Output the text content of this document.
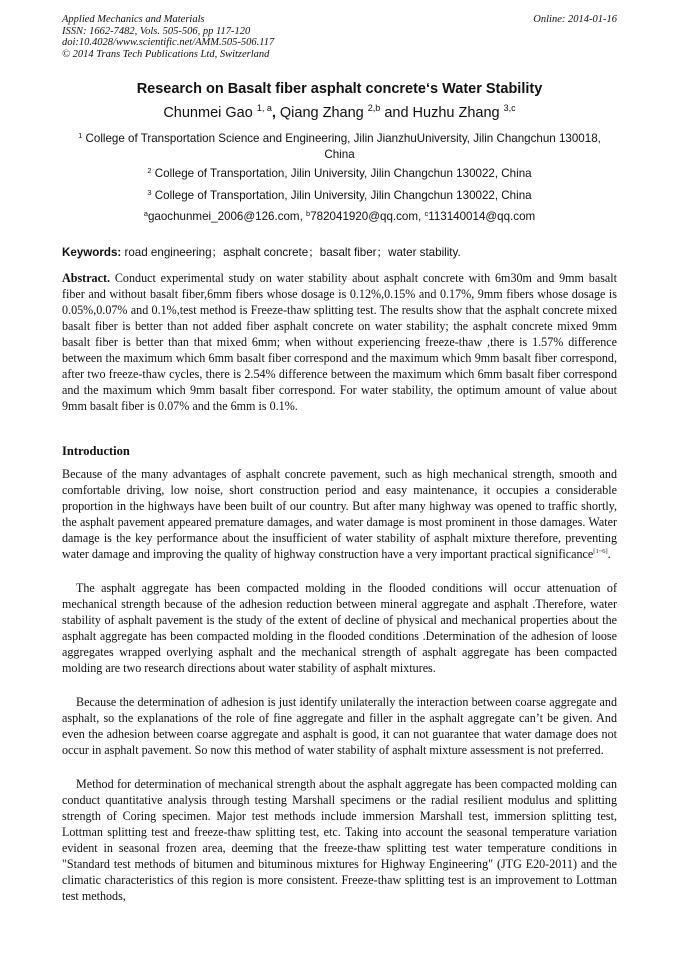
Applied Mechanics and Materials
ISSN: 1662-7482, Vols. 505-506, pp 117-120
doi:10.4028/www.scientific.net/AMM.505-506.117
© 2014 Trans Tech Publications Ltd, Switzerland
Online: 2014-01-16
Research on Basalt fiber asphalt concrete‘s Water Stability
Chunmei Gao $^{1, a}$, Qiang Zhang $^{2,b}$ and Huzhu Zhang $^{3,c}$
$^1$ College of Transportation Science and Engineering, Jilin JianzhuUniversity, Jilin Changchun 130018, China
$^2$ College of Transportation, Jilin University, Jilin Changchun 130022, China
$^3$ College of Transportation, Jilin University, Jilin Changchun 130022, China
$^a$gaochunmei_2006@126.com, $^b$782041920@qq.com, $^c$113140014@qq.com
Keywords: road engineering；asphalt concrete；basalt fiber；water stability.
Abstract. Conduct experimental study on water stability about asphalt concrete with 6m30m and 9mm basalt fiber and without basalt fiber,6mm fibers whose dosage is 0.12%,0.15% and 0.17%, 9mm fibers whose dosage is 0.05%,0.07% and 0.1%,test method is Freeze-thaw splitting test. The results show that the asphalt concrete mixed basalt fiber is better than not added fiber asphalt concrete on water stability; the asphalt concrete mixed 9mm basalt fiber is better than that mixed 6mm; when without experiencing freeze-thaw ,there is 1.57% difference between the maximum which 6mm basalt fiber correspond and the maximum which 9mm basalt fiber correspond, after two freeze-thaw cycles, there is 2.54% difference between the maximum which 6mm basalt fiber correspond and the maximum which 9mm basalt fiber correspond. For water stability, the optimum amount of value about 9mm basalt fiber is 0.07% and the 6mm is 0.1%.
Introduction
Because of the many advantages of asphalt concrete pavement, such as high mechanical strength, smooth and comfortable driving, low noise, short construction period and easy maintenance, it occupies a considerable proportion in the highways have been built of our country. But after many highway was opened to traffic shortly, the asphalt pavement appeared premature damages, and water damage is most prominent in those damages. Water damage is the key performance about the insufficient of water stability of asphalt mixture therefore, preventing water damage and improving the quality of highway construction have a very important practical significance[1~6].
The asphalt aggregate has been compacted molding in the flooded conditions will occur attenuation of mechanical strength because of the adhesion reduction between mineral aggregate and asphalt .Therefore, water stability of asphalt pavement is the study of the extent of decline of physical and mechanical properties about the asphalt aggregate has been compacted molding in the flooded conditions .Determination of the adhesion of loose aggregates wrapped overlying asphalt and the mechanical strength of asphalt aggregate has been compacted molding are two research directions about water stability of asphalt mixtures.
Because the determination of adhesion is just identify unilaterally the interaction between coarse aggregate and asphalt, so the explanations of the role of fine aggregate and filler in the asphalt aggregate can’t be given. And even the adhesion between coarse aggregate and asphalt is good, it can not guarantee that water damage does not occur in asphalt pavement. So now this method of water stability of asphalt mixture assessment is not preferred.
Method for determination of mechanical strength about the asphalt aggregate has been compacted molding can conduct quantitative analysis through testing Marshall specimens or the radial resilient modulus and splitting strength of Coring specimen. Major test methods include immersion Marshall test, immersion splitting test, Lottman splitting test and freeze-thaw splitting test, etc. Taking into account the seasonal temperature variation evident in seasonal frozen area, deeming that the freeze-thaw splitting test water temperature conditions in "Standard test methods of bitumen and bituminous mixtures for Highway Engineering" (JTG E20-2011) and the climatic characteristics of this region is more consistent. Freeze-thaw splitting test is an improvement to Lottman test methods,
